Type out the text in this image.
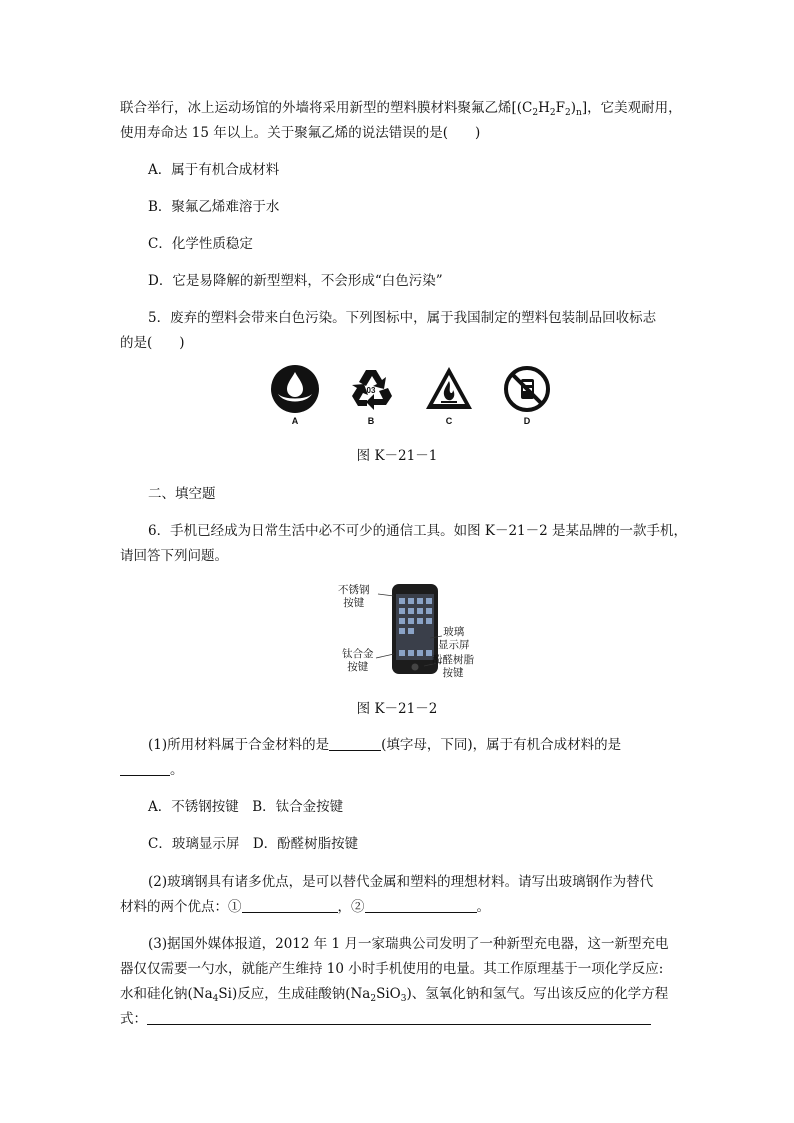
联合举行，冰上运动场馆的外墙将采用新型的塑料膜材料聚氟乙烯$[(C_2H_2F_2)_n]$，它美观耐用，
使用寿命达 15 年以上。关于聚氟乙烯的说法错误的是(　　)
A．属于有机合成材料
B．聚氟乙烯难溶于水
C．化学性质稳定
D．它是易降解的新型塑料，不会形成“白色污染”
5．废弃的塑料会带来白色污染。下列图标中，属于我国制定的塑料包装制品回收标志
的是(　　)
A
03
B	C	D
图 K－21－1
二、填空题
6．手机已经成为日常生活中必不可少的通信工具。如图 K－21－2 是某品牌的一款手机，
请回答下列问题。
不锈钢
按键
玻璃
显示屏
钛合金
按键
酚醛树脂
按键
图 K－21－2
(1)所用材料属于合金材料的是	(填字母，下同)，属于有机合成材料的是
。
A．不锈钢按键　B．钛合金按键
C．玻璃显示屏　D．酚醛树脂按键
(2)玻璃钢具有诸多优点，是可以替代金属和塑料的理想材料。请写出玻璃钢作为替代
材料的两个优点：①	，②	。
(3)据国外媒体报道，2012 年 1 月一家瑞典公司发明了一种新型充电器，这一新型充电
器仅仅需要一勺水，就能产生维持 10 小时手机使用的电量。其工作原理基于一项化学反应:
水和硅化钠$(Na_4Si)$反应，生成硅酸钠$(Na_2SiO_3)$、氢氧化钠和氢气。写出该反应的化学方程
式：
